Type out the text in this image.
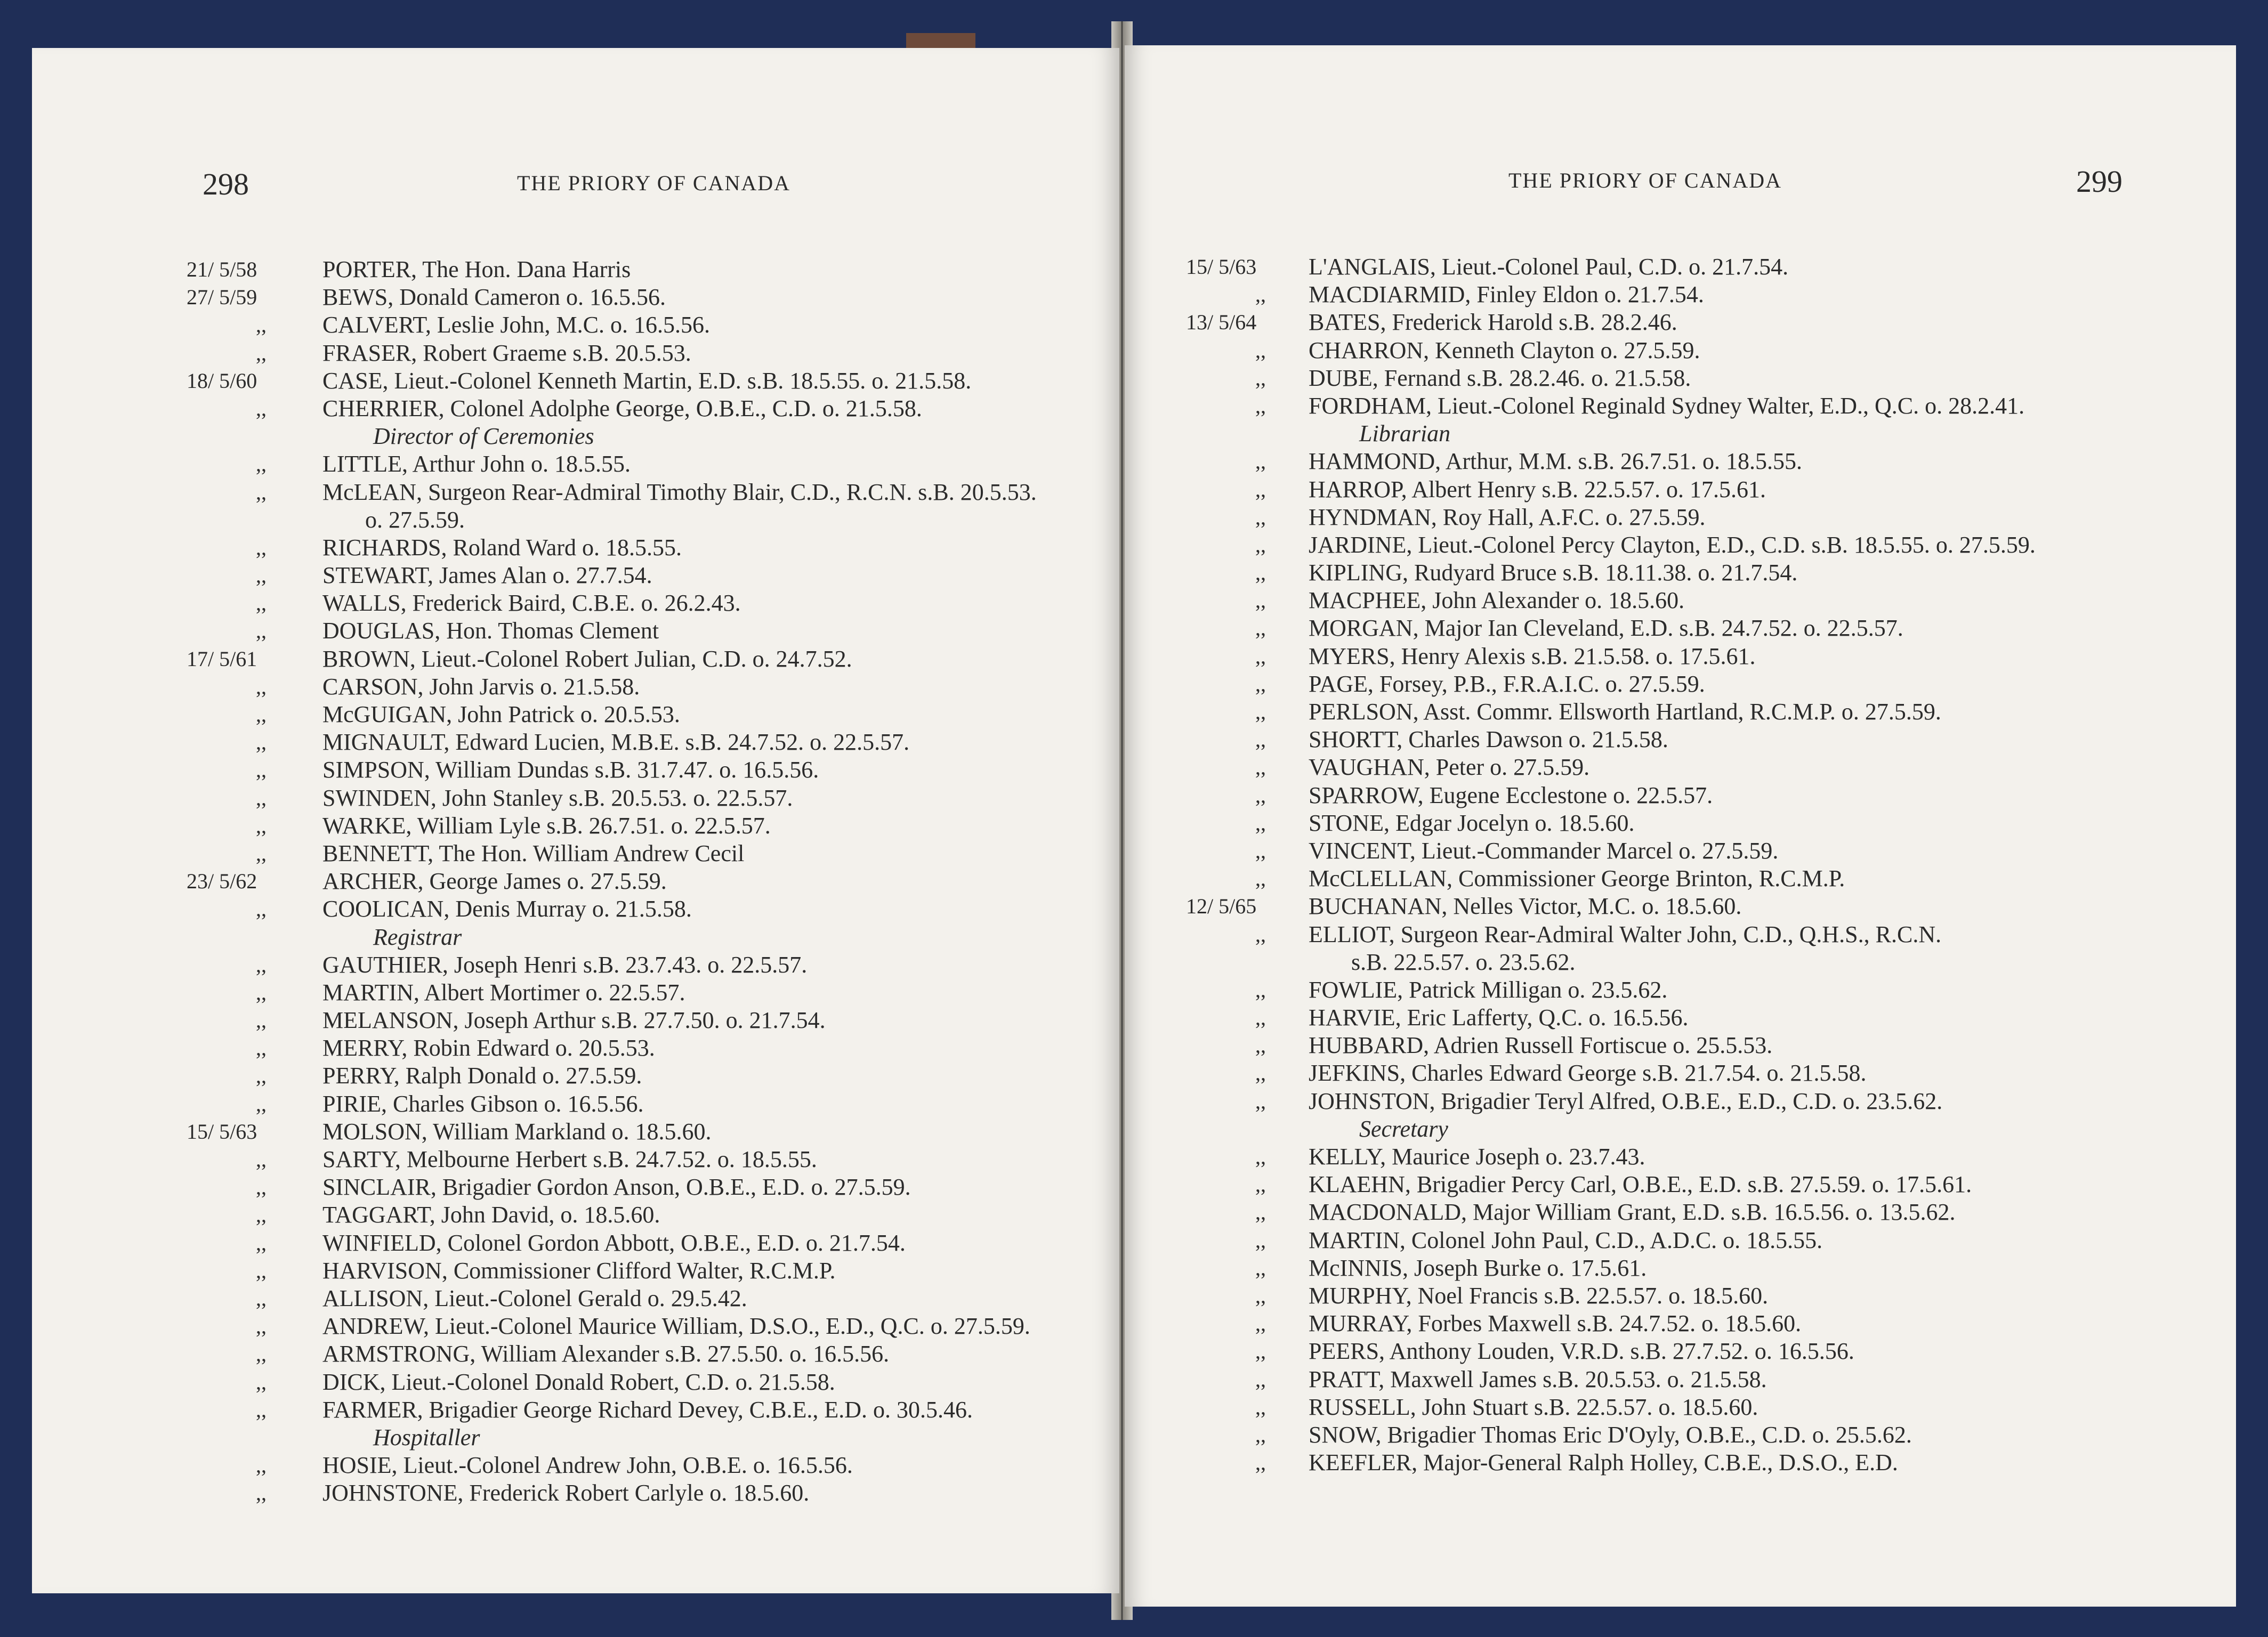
298	THE PRIORY OF CANADA
21/ 5/58	PORTER, The Hon. Dana Harris
27/ 5/59	BEWS, Donald Cameron o. 16.5.56.
,, CALVERT, Leslie John, M.C. o. 16.5.56.
,, FRASER, Robert Graeme s.B. 20.5.53.
18/ 5/60	CASE, Lieut.-Colonel Kenneth Martin, E.D. s.B. 18.5.55. o. 21.5.58.
,, CHERRIER, Colonel Adolphe George, O.B.E., C.D. o. 21.5.58.
Director of Ceremonies
,, LITTLE, Arthur John o. 18.5.55.
,, McLEAN, Surgeon Rear-Admiral Timothy Blair, C.D., R.C.N. s.B. 20.5.53.
o. 27.5.59.
,, RICHARDS, Roland Ward o. 18.5.55.
,, STEWART, James Alan o. 27.7.54.
,, WALLS, Frederick Baird, C.B.E. o. 26.2.43.
,, DOUGLAS, Hon. Thomas Clement
17/ 5/61	BROWN, Lieut.-Colonel Robert Julian, C.D. o. 24.7.52.
,, CARSON, John Jarvis o. 21.5.58.
,, McGUIGAN, John Patrick o. 20.5.53.
,, MIGNAULT, Edward Lucien, M.B.E. s.B. 24.7.52. o. 22.5.57.
,, SIMPSON, William Dundas s.B. 31.7.47. o. 16.5.56.
,, SWINDEN, John Stanley s.B. 20.5.53. o. 22.5.57.
,, WARKE, William Lyle s.B. 26.7.51. o. 22.5.57.
,, BENNETT, The Hon. William Andrew Cecil
23/ 5/62	ARCHER, George James o. 27.5.59.
,, COOLICAN, Denis Murray o. 21.5.58.
Registrar
,, GAUTHIER, Joseph Henri s.B. 23.7.43. o. 22.5.57.
,, MARTIN, Albert Mortimer o. 22.5.57.
,, MELANSON, Joseph Arthur s.B. 27.7.50. o. 21.7.54.
,, MERRY, Robin Edward o. 20.5.53.
,, PERRY, Ralph Donald o. 27.5.59.
,, PIRIE, Charles Gibson o. 16.5.56.
15/ 5/63	MOLSON, William Markland o. 18.5.60.
,, SARTY, Melbourne Herbert s.B. 24.7.52. o. 18.5.55.
,, SINCLAIR, Brigadier Gordon Anson, O.B.E., E.D. o. 27.5.59.
,, TAGGART, John David, o. 18.5.60.
,, WINFIELD, Colonel Gordon Abbott, O.B.E., E.D. o. 21.7.54.
,, HARVISON, Commissioner Clifford Walter, R.C.M.P.
,, ALLISON, Lieut.-Colonel Gerald o. 29.5.42.
,, ANDREW, Lieut.-Colonel Maurice William, D.S.O., E.D., Q.C. o. 27.5.59.
,, ARMSTRONG, William Alexander s.B. 27.5.50. o. 16.5.56.
,, DICK, Lieut.-Colonel Donald Robert, C.D. o. 21.5.58.
,, FARMER, Brigadier George Richard Devey, C.B.E., E.D. o. 30.5.46.
Hospitaller
,, HOSIE, Lieut.-Colonel Andrew John, O.B.E. o. 16.5.56.
,, JOHNSTONE, Frederick Robert Carlyle o. 18.5.60.
THE PRIORY OF CANADA	299
15/ 5/63 L'ANGLAIS, Lieut.-Colonel Paul, C.D. o. 21.7.54.
,, MACDIARMID, Finley Eldon o. 21.7.54.
13/ 5/64 BATES, Frederick Harold s.B. 28.2.46.
,, CHARRON, Kenneth Clayton o. 27.5.59.
,, DUBE, Fernand s.B. 28.2.46. o. 21.5.58.
,, FORDHAM, Lieut.-Colonel Reginald Sydney Walter, E.D., Q.C. o. 28.2.41.
Librarian
,, HAMMOND, Arthur, M.M. s.B. 26.7.51. o. 18.5.55.
,, HARROP, Albert Henry s.B. 22.5.57. o. 17.5.61.
,, HYNDMAN, Roy Hall, A.F.C. o. 27.5.59.
,, JARDINE, Lieut.-Colonel Percy Clayton, E.D., C.D. s.B. 18.5.55. o. 27.5.59.
,, KIPLING, Rudyard Bruce s.B. 18.11.38. o. 21.7.54.
,, MACPHEE, John Alexander o. 18.5.60.
,, MORGAN, Major Ian Cleveland, E.D. s.B. 24.7.52. o. 22.5.57.
,, MYERS, Henry Alexis s.B. 21.5.58. o. 17.5.61.
,, PAGE, Forsey, P.B., F.R.A.I.C. o. 27.5.59.
,, PERLSON, Asst. Commr. Ellsworth Hartland, R.C.M.P. o. 27.5.59.
,, SHORTT, Charles Dawson o. 21.5.58.
,, VAUGHAN, Peter o. 27.5.59.
,, SPARROW, Eugene Ecclestone o. 22.5.57.
,, STONE, Edgar Jocelyn o. 18.5.60.
,, VINCENT, Lieut.-Commander Marcel o. 27.5.59.
,, McCLELLAN, Commissioner George Brinton, R.C.M.P.
12/ 5/65 BUCHANAN, Nelles Victor, M.C. o. 18.5.60.
,, ELLIOT, Surgeon Rear-Admiral Walter John, C.D., Q.H.S., R.C.N.
s.B. 22.5.57. o. 23.5.62.
,, FOWLIE, Patrick Milligan o. 23.5.62.
,, HARVIE, Eric Lafferty, Q.C. o. 16.5.56.
,, HUBBARD, Adrien Russell Fortiscue o. 25.5.53.
,, JEFKINS, Charles Edward George s.B. 21.7.54. o. 21.5.58.
,, JOHNSTON, Brigadier Teryl Alfred, O.B.E., E.D., C.D. o. 23.5.62.
Secretary
,, KELLY, Maurice Joseph o. 23.7.43.
,, KLAEHN, Brigadier Percy Carl, O.B.E., E.D. s.B. 27.5.59. o. 17.5.61.
,, MACDONALD, Major William Grant, E.D. s.B. 16.5.56. o. 13.5.62.
,, MARTIN, Colonel John Paul, C.D., A.D.C. o. 18.5.55.
,, McINNIS, Joseph Burke o. 17.5.61.
,, MURPHY, Noel Francis s.B. 22.5.57. o. 18.5.60.
,, MURRAY, Forbes Maxwell s.B. 24.7.52. o. 18.5.60.
,, PEERS, Anthony Louden, V.R.D. s.B. 27.7.52. o. 16.5.56.
,, PRATT, Maxwell James s.B. 20.5.53. o. 21.5.58.
,, RUSSELL, John Stuart s.B. 22.5.57. o. 18.5.60.
,, SNOW, Brigadier Thomas Eric D'Oyly, O.B.E., C.D. o. 25.5.62.
,, KEEFLER, Major-General Ralph Holley, C.B.E., D.S.O., E.D.
